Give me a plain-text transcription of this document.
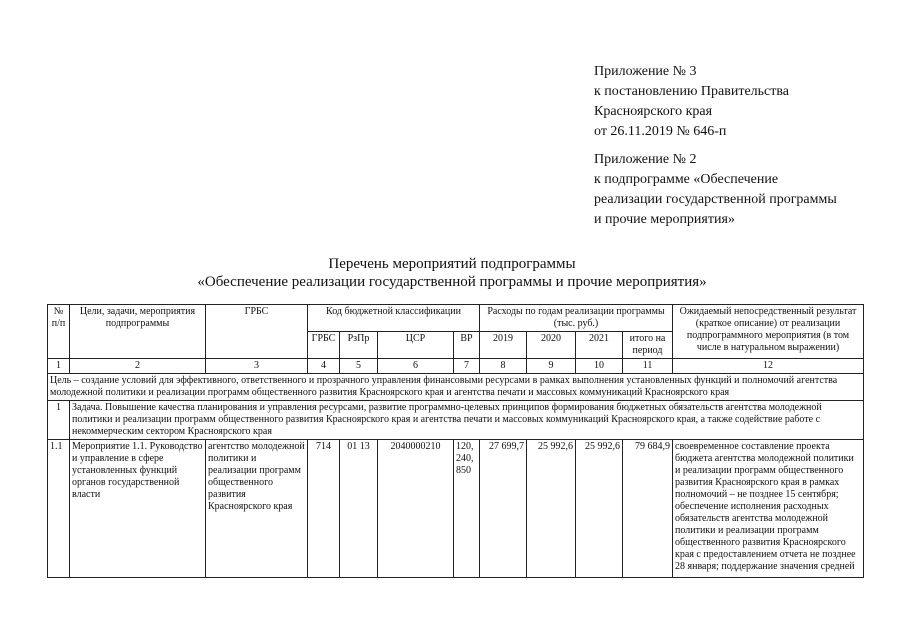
Приложение № 3
к постановлению Правительства
Красноярского края
от 26.11.2019 № 646-п
Приложение № 2
к подпрограмме «Обеспечение
реализации государственной программы
и прочие мероприятия»
Перечень мероприятий подпрограммы
«Обеспечение реализации государственной программы и прочие мероприятия»
№ п/п	Цели, задачи, мероприятия подпрограммы	ГРБС	Код бюджетной классификации				Расходы по годам реализации программы (тыс. руб.)				Ожидаемый непосредственный результат (краткое описание) от реализации подпрограммного мероприятия (в том числе в натуральном выражении)
			ГРБС	РзПр	ЦСР	ВР	2019	2020	2021	итого на период	
1	2	3	4	5	6	7	8	9	10	11	12
Цель – создание условий для эффективного, ответственного и прозрачного управления финансовыми ресурсами в рамках выполнения установленных функций и полномочий агентства молодежной политики и реализации программ общественного развития Красноярского края и агентства печати и массовых коммуникаций Красноярского края											
1	Задача. Повышение качества планирования и управления ресурсами, развитие программно-целевых принципов формирования бюджетных обязательств агентства молодежной политики и реализации программ общественного развития Красноярского края и агентства печати и массовых коммуникаций Красноярского края, а также содействие работе с некоммерческим сектором Красноярского края										
1.1	Мероприятие 1.1. Руководство и управление в сфере установленных функций органов государственной власти	агентство молодежной политики и реализации программ общественного развития Красноярского края	714	01 13	2040000210	120, 240, 850	27 699,7	25 992,6	25 992,6	79 684,9	своевременное составление проекта бюджета агентства молодежной политики и реализации программ общественного развития Красноярского края в рамках полномочий – не позднее 15 сентября; обеспечение исполнения расходных обязательств агентства молодежной политики и реализации программ общественного развития Красноярского края с предоставлением отчета не позднее 28 января; поддержание значения средней
